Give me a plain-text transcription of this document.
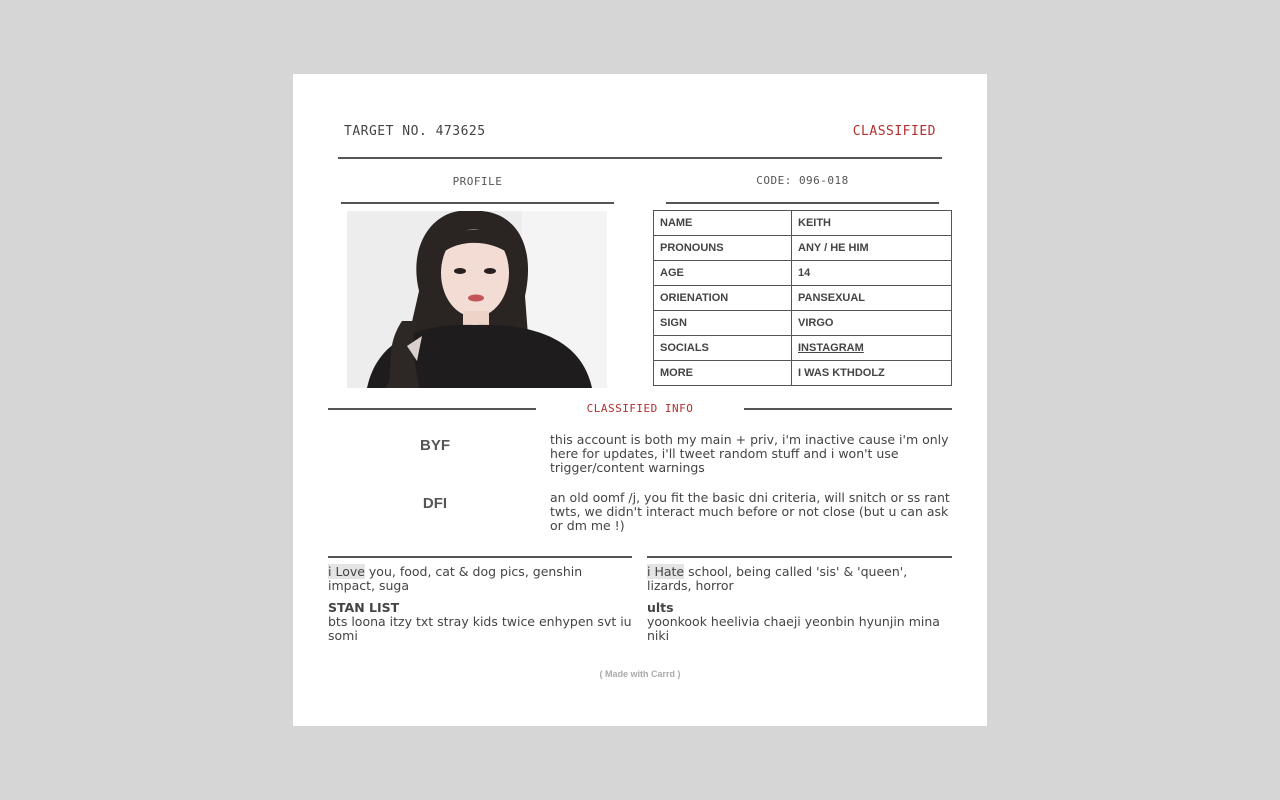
TARGET NO. 473625	CLASSIFIED
PROFILE	CODE: 096-018
NAME	KEITH
PRONOUNS	ANY / HE HIM
AGE	14
ORIENATION	PANSEXUAL
SIGN	VIRGO
SOCIALS	INSTAGRAM
MORE	I WAS KTHDOLZ
CLASSIFIED INFO
BYF	this account is both my main + priv, i'm inactive cause i'm only here for updates, i'll tweet random stuff and i won't use trigger/content warnings
DFI	an old oomf /j, you fit the basic dni criteria, will snitch or ss rant twts, we didn't interact much before or not close (but u can ask or dm me !)
i Love you, food, cat & dog pics, genshin impact, suga
i Hate school, being called 'sis' & 'queen', lizards, horror
STAN LIST
bts loona itzy txt stray kids twice enhypen svt iu somi
ults
yoonkook heelivia chaeji yeonbin hyunjin mina niki
( Made with Carrd )
